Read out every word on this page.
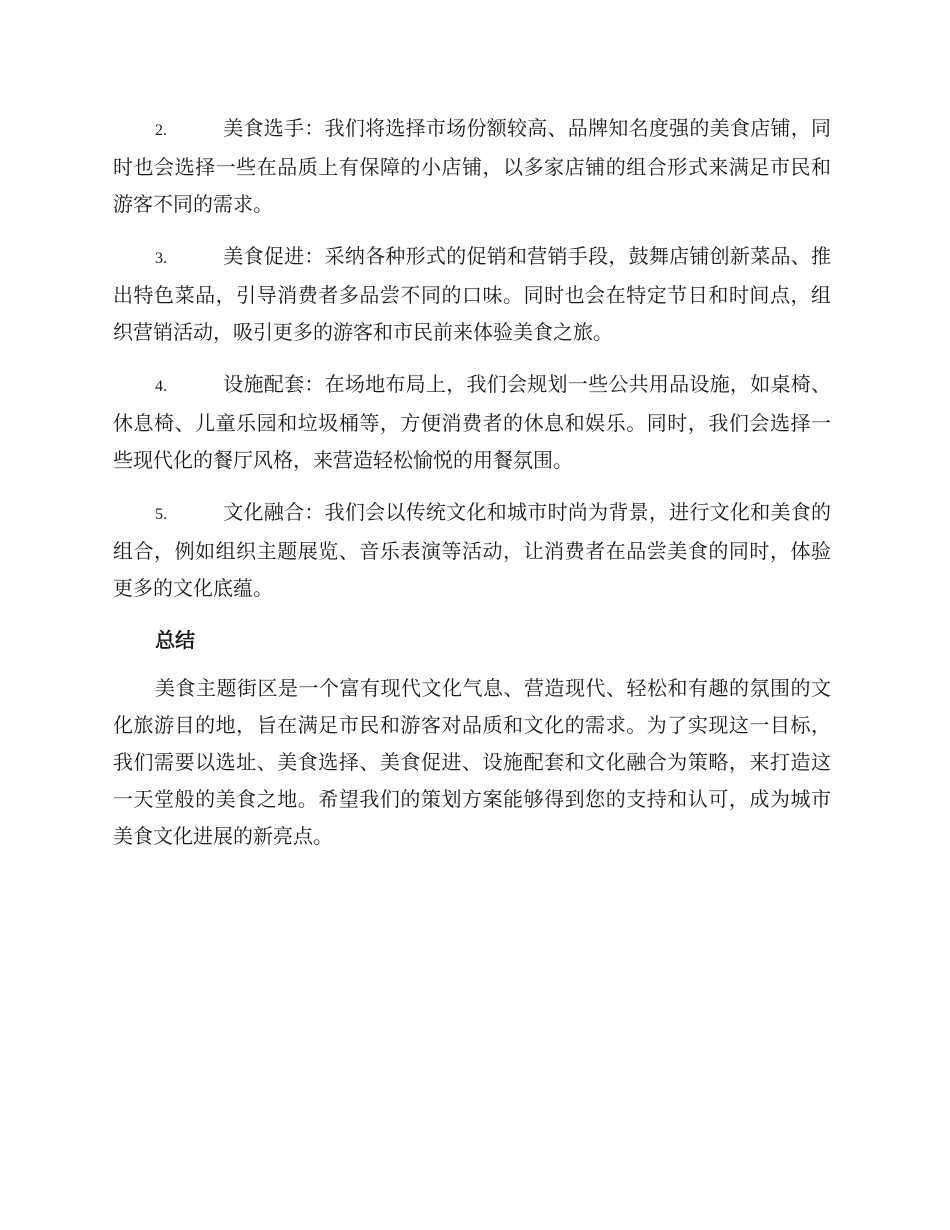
2.	美食选手：我们将选择市场份额较高、品牌知名度强的美食店铺，同时也会选择一些在品质上有保障的小店铺，以多家店铺的组合形式来满足市民和游客不同的需求。

3.	美食促进：采纳各种形式的促销和营销手段，鼓舞店铺创新菜品、推出特色菜品，引导消费者多品尝不同的口味。同时也会在特定节日和时间点，组织营销活动，吸引更多的游客和市民前来体验美食之旅。

4.	设施配套：在场地布局上，我们会规划一些公共用品设施，如桌椅、休息椅、儿童乐园和垃圾桶等，方便消费者的休息和娱乐。同时，我们会选择一些现代化的餐厅风格，来营造轻松愉悦的用餐氛围。

5.	文化融合：我们会以传统文化和城市时尚为背景，进行文化和美食的组合，例如组织主题展览、音乐表演等活动，让消费者在品尝美食的同时，体验更多的文化底蕴。

总结

美食主题街区是一个富有现代文化气息、营造现代、轻松和有趣的氛围的文化旅游目的地，旨在满足市民和游客对品质和文化的需求。为了实现这一目标，我们需要以选址、美食选择、美食促进、设施配套和文化融合为策略，来打造这一天堂般的美食之地。希望我们的策划方案能够得到您的支持和认可，成为城市美食文化进展的新亮点。
